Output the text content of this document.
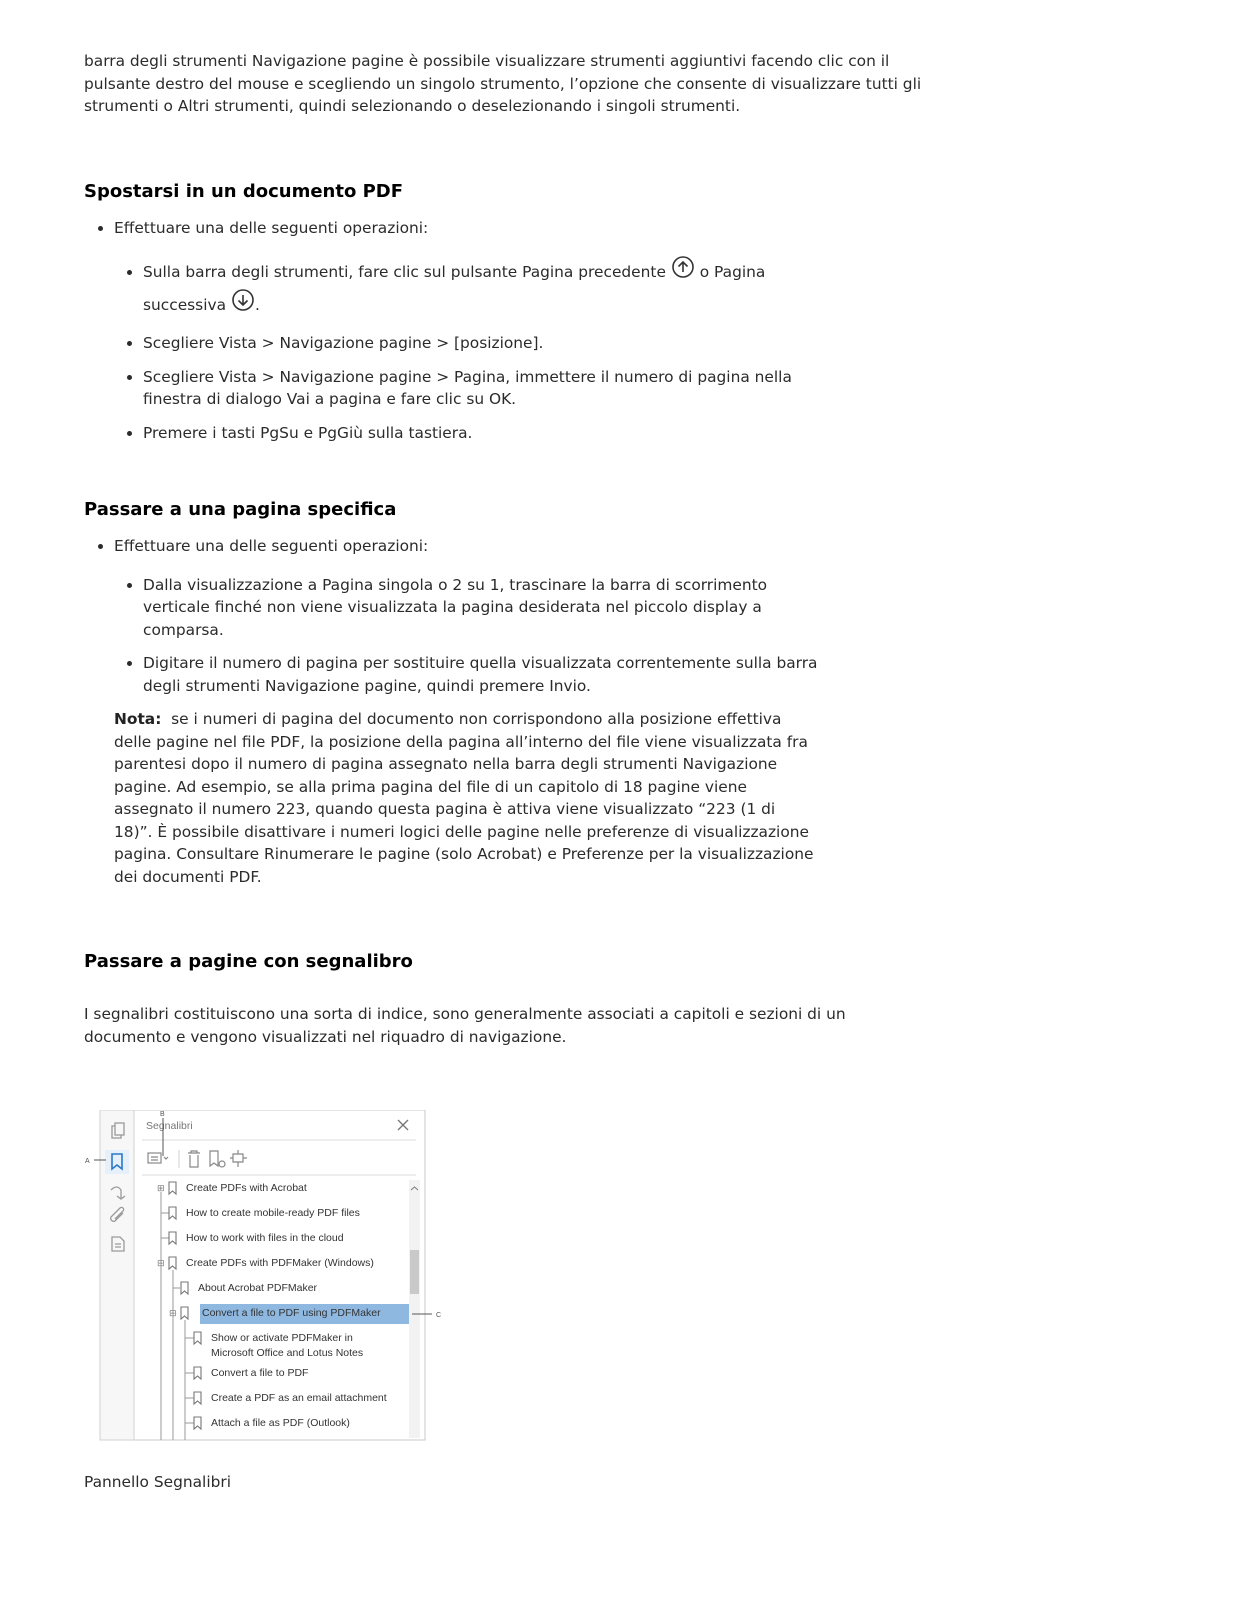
barra degli strumenti Navigazione pagine è possibile visualizzare strumenti aggiuntivi facendo clic con il pulsante destro del mouse e scegliendo un singolo strumento, l’opzione che consente di visualizzare tutti gli strumenti o Altri strumenti, quindi selezionando o deselezionando i singoli strumenti.

Spostarsi in un documento PDF
• Effettuare una delle seguenti operazioni:
• Sulla barra degli strumenti, fare clic sul pulsante Pagina precedente o Pagina successiva .
• Scegliere Vista > Navigazione pagine > [posizione].
• Scegliere Vista > Navigazione pagine > Pagina, immettere il numero di pagina nella finestra di dialogo Vai a pagina e fare clic su OK.
• Premere i tasti PgSu e PgGiù sulla tastiera.
Passare a una pagina specifica
• Effettuare una delle seguenti operazioni:
• Dalla visualizzazione a Pagina singola o 2 su 1, trascinare la barra di scorrimento verticale finché non viene visualizzata la pagina desiderata nel piccolo display a comparsa.
• Digitare il numero di pagina per sostituire quella visualizzata correntemente sulla barra degli strumenti Navigazione pagine, quindi premere Invio.

Nota: se i numeri di pagina del documento non corrispondono alla posizione effettiva delle pagine nel file PDF, la posizione della pagina all’interno del file viene visualizzata fra parentesi dopo il numero di pagina assegnato nella barra degli strumenti Navigazione pagine. Ad esempio, se alla prima pagina del file di un capitolo di 18 pagine viene assegnato il numero 223, quando questa pagina è attiva viene visualizzato “223 (1 di 18)”. È possibile disattivare i numeri logici delle pagine nelle preferenze di visualizzazione pagina. Consultare Rinumerare le pagine (solo Acrobat) e Preferenze per la visualizzazione dei documenti PDF.

Passare a pagine con segnalibro

I segnalibri costituiscono una sorta di indice, sono generalmente associati a capitoli e sezioni di un documento e vengono visualizzati nel riquadro di navigazione.

Segnalibri
B
A
C
⊞
⊟
⊟
Create PDFs with Acrobat
How to create mobile-ready PDF files
How to work with files in the cloud
Create PDFs with PDFMaker (Windows)
About Acrobat PDFMaker
Convert a file to PDF using PDFMaker
Show or activate PDFMaker in
Microsoft Office and Lotus Notes
Convert a file to PDF
Create a PDF as an email attachment
Attach a file as PDF (Outlook)
Pannello Segnalibri
